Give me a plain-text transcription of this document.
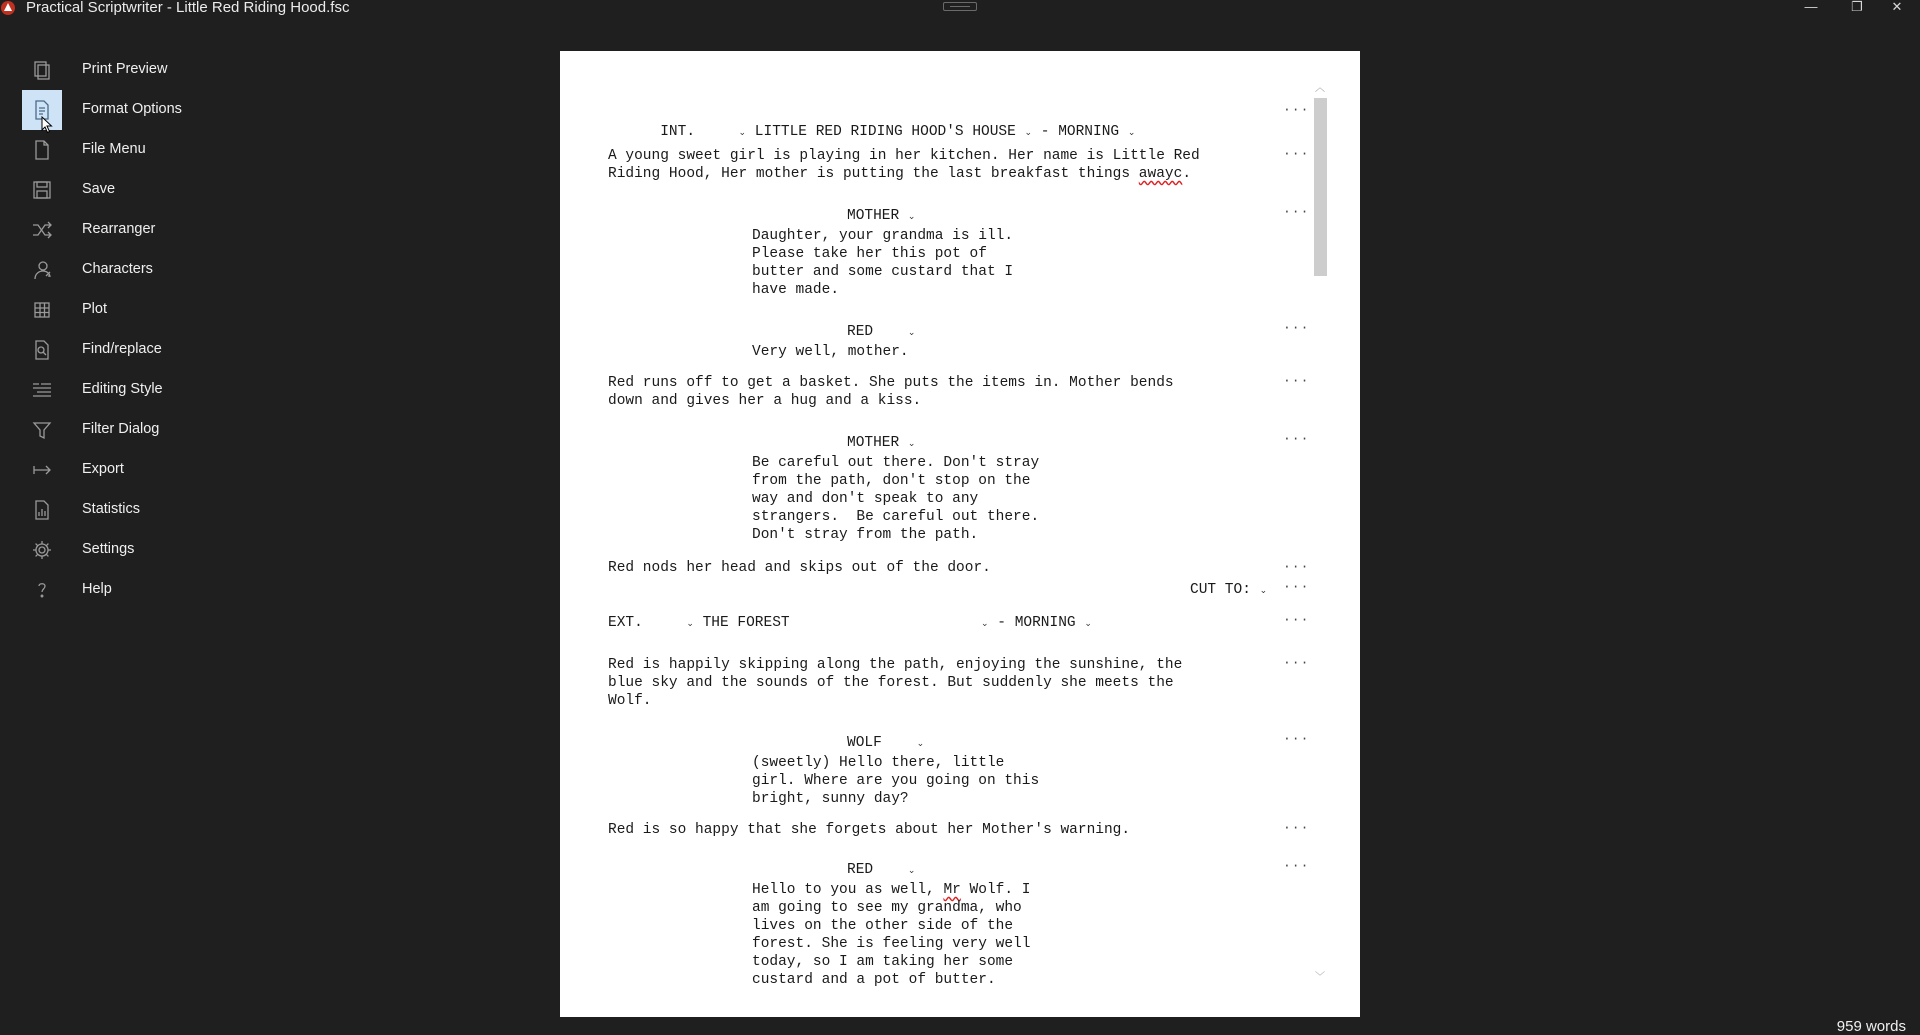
Practical Scriptwriter - Little Red Riding Hood.fsc	—	❐	✕
Print Preview
Format Options
File Menu
Save
Rearranger
Characters
Plot
Find/replace
Editing Style
Filter Dialog
Export
Statistics
Settings
Help

INT.	⌄ LITTLE RED RIDING HOOD'S HOUSE ⌄ - MORNING ⌄

···
A young sweet girl is playing in her kitchen. Her name is Little Red
Riding Hood, Her mother is putting the last breakfast things awayc.
···
MOTHER ⌄	···
Daughter, your grandma is ill.
Please take her this pot of
butter and some custard that I
have made.
RED	⌄	···
Very well, mother.
Red runs off to get a basket. She puts the items in. Mother bends
down and gives her a hug and a kiss.
···
MOTHER ⌄	···
Be careful out there. Don't stray
from the path, don't stop on the
way and don't speak to any
strangers.  Be careful out there.
Don't stray from the path.
Red nods her head and skips out of the door.	···
CUT TO: ⌄ ···
EXT.	⌄ THE FOREST	⌄ - MORNING ⌄	···
Red is happily skipping along the path, enjoying the sunshine, the
blue sky and the sounds of the forest. But suddenly she meets the
Wolf.
···
WOLF	⌄	···
(sweetly) Hello there, little
girl. Where are you going on this
bright, sunny day?
Red is so happy that she forgets about her Mother's warning.	···
RED	⌄	···
Hello to you as well, Mr Wolf. I
am going to see my grandma, who
lives on the other side of the
forest. She is feeling very well
today, so I am taking her some
custard and a pot of butter.
︿
﹀
959 words
